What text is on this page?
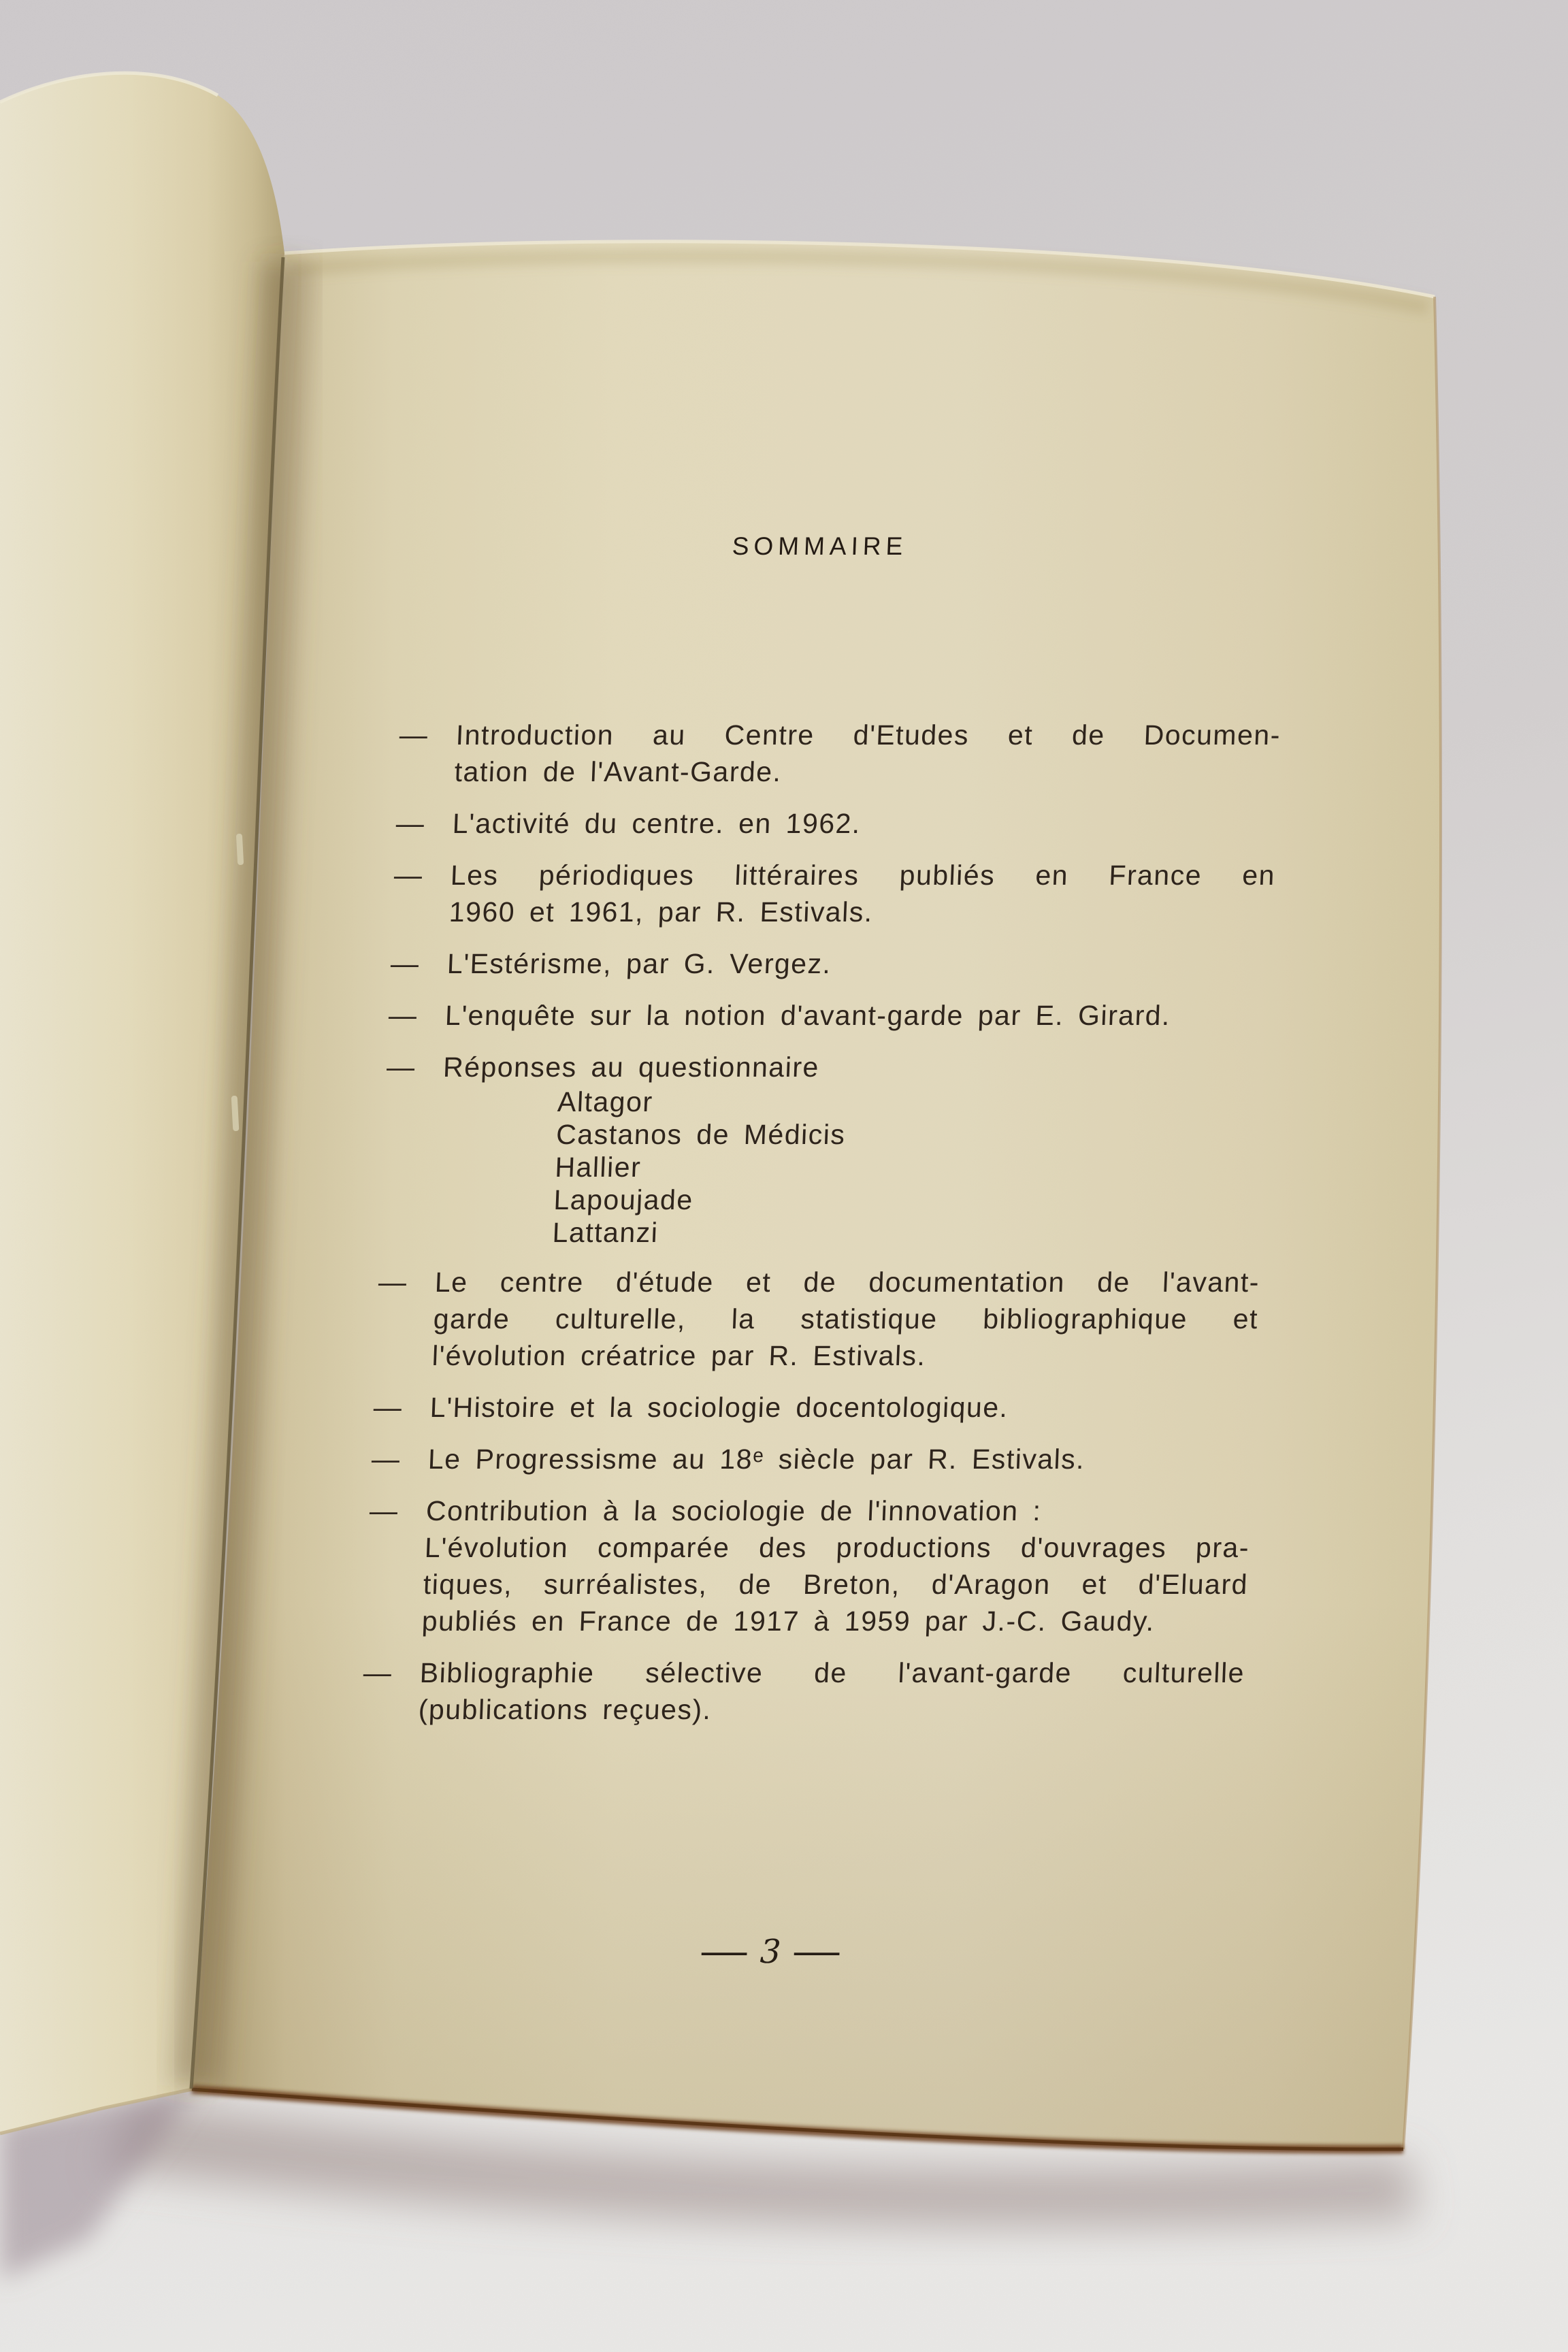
SOMMAIRE
— Introduction au Centre d'Etudes et de Documen-
tation de l'Avant-Garde.
— L'activité du centre. en 1962.
— Les périodiques littéraires publiés en France en
1960 et 1961, par R. Estivals.
— L'Estérisme, par G. Vergez.
— L'enquête sur la notion d'avant-garde par E. Girard.
— Réponses au questionnaire
Altagor
Castanos de Médicis
Hallier
Lapoujade
Lattanzi
— Le centre d'étude et de documentation de l'avant-
garde culturelle, la statistique bibliographique et
l'évolution créatrice par R. Estivals.
— L'Histoire et la sociologie docentologique.
— Le Progressisme au 18ᵉ siècle par R. Estivals.
— Contribution à la sociologie de l'innovation :
L'évolution comparée des productions d'ouvrages pra-
tiques, surréalistes, de Breton, d'Aragon et d'Eluard
publiés en France de 1917 à 1959 par J.-C. Gaudy.
— Bibliographie sélective de l'avant-garde culturelle
(publications reçues).
— 3 —
